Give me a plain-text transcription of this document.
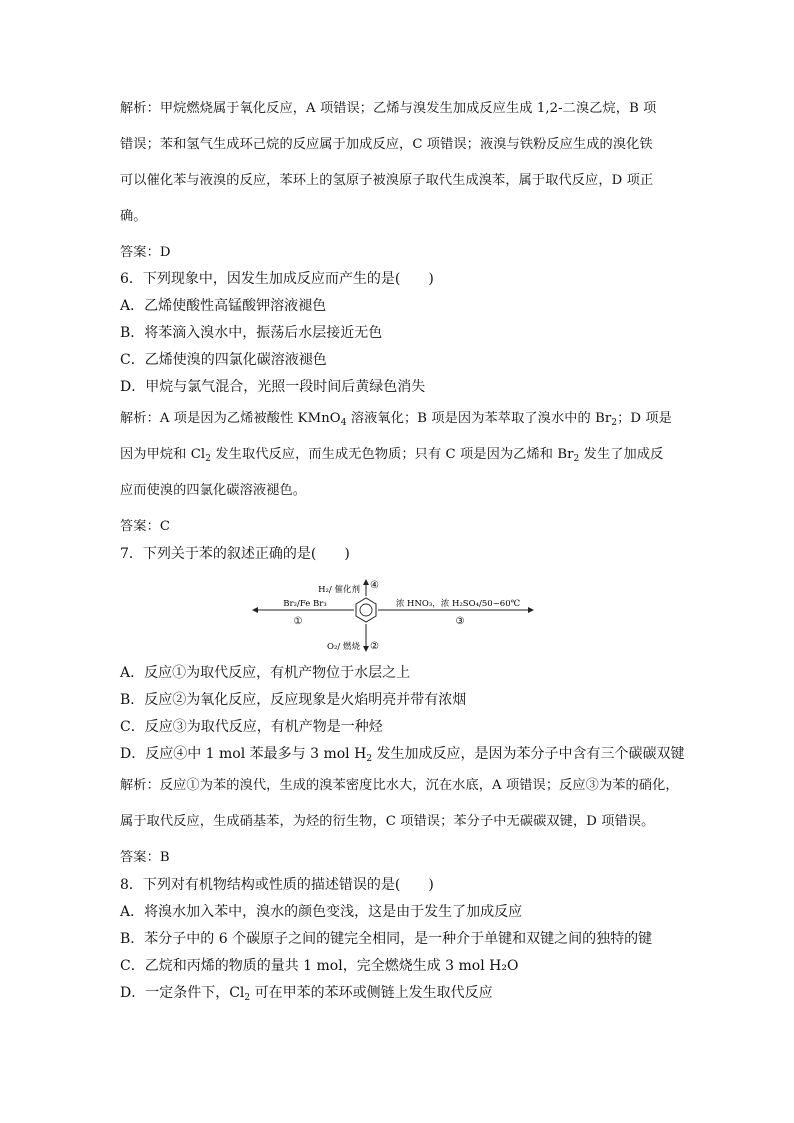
解析：甲烷燃烧属于氧化反应，A 项错误；乙烯与溴发生加成反应生成 1,2-二溴乙烷，B 项
错误；苯和氢气生成环己烷的反应属于加成反应，C 项错误；液溴与铁粉反应生成的溴化铁
可以催化苯与液溴的反应，苯环上的氢原子被溴原子取代生成溴苯，属于取代反应，D 项正
确。
答案：D
6．下列现象中，因发生加成反应而产生的是(　　)
A．乙烯使酸性高锰酸钾溶液褪色
B．将苯滴入溴水中，振荡后水层接近无色
C．乙烯使溴的四氯化碳溶液褪色
D．甲烷与氯气混合，光照一段时间后黄绿色消失
解析：A 项是因为乙烯被酸性 KMnO$_4$ 溶液氧化；B 项是因为苯萃取了溴水中的 $Br_2$；D 项是
因为甲烷和 $Cl_2$ 发生取代反应，而生成无色物质；只有 C 项是因为乙烯和 $Br_2$ 发生了加成反
应而使溴的四氯化碳溶液褪色。
答案：C
7．下列关于苯的叙述正确的是(　　)
H₂/ 催化剂 ④
Br₂/Fe Br₃
①
O₂/ 燃烧 ②
浓 HNO₃，浓 H₂SO₄/50~60℃
③
A．反应①为取代反应，有机产物位于水层之上
B．反应②为氧化反应，反应现象是火焰明亮并带有浓烟
C．反应③为取代反应，有机产物是一种烃
D．反应④中 1 mol 苯最多与 3 mol $H_2$ 发生加成反应，是因为苯分子中含有三个碳碳双键
解析：反应①为苯的溴代，生成的溴苯密度比水大，沉在水底，A 项错误；反应③为苯的硝化，
属于取代反应，生成硝基苯，为烃的衍生物，C 项错误；苯分子中无碳碳双键，D 项错误。
答案：B
8．下列对有机物结构或性质的描述错误的是(　　)
A．将溴水加入苯中，溴水的颜色变浅，这是由于发生了加成反应
B．苯分子中的 6 个碳原子之间的键完全相同，是一种介于单键和双键之间的独特的键
C．乙烷和丙烯的物质的量共 1 mol，完全燃烧生成 3 mol H₂O
D．一定条件下，$Cl_2$ 可在甲苯的苯环或侧链上发生取代反应
